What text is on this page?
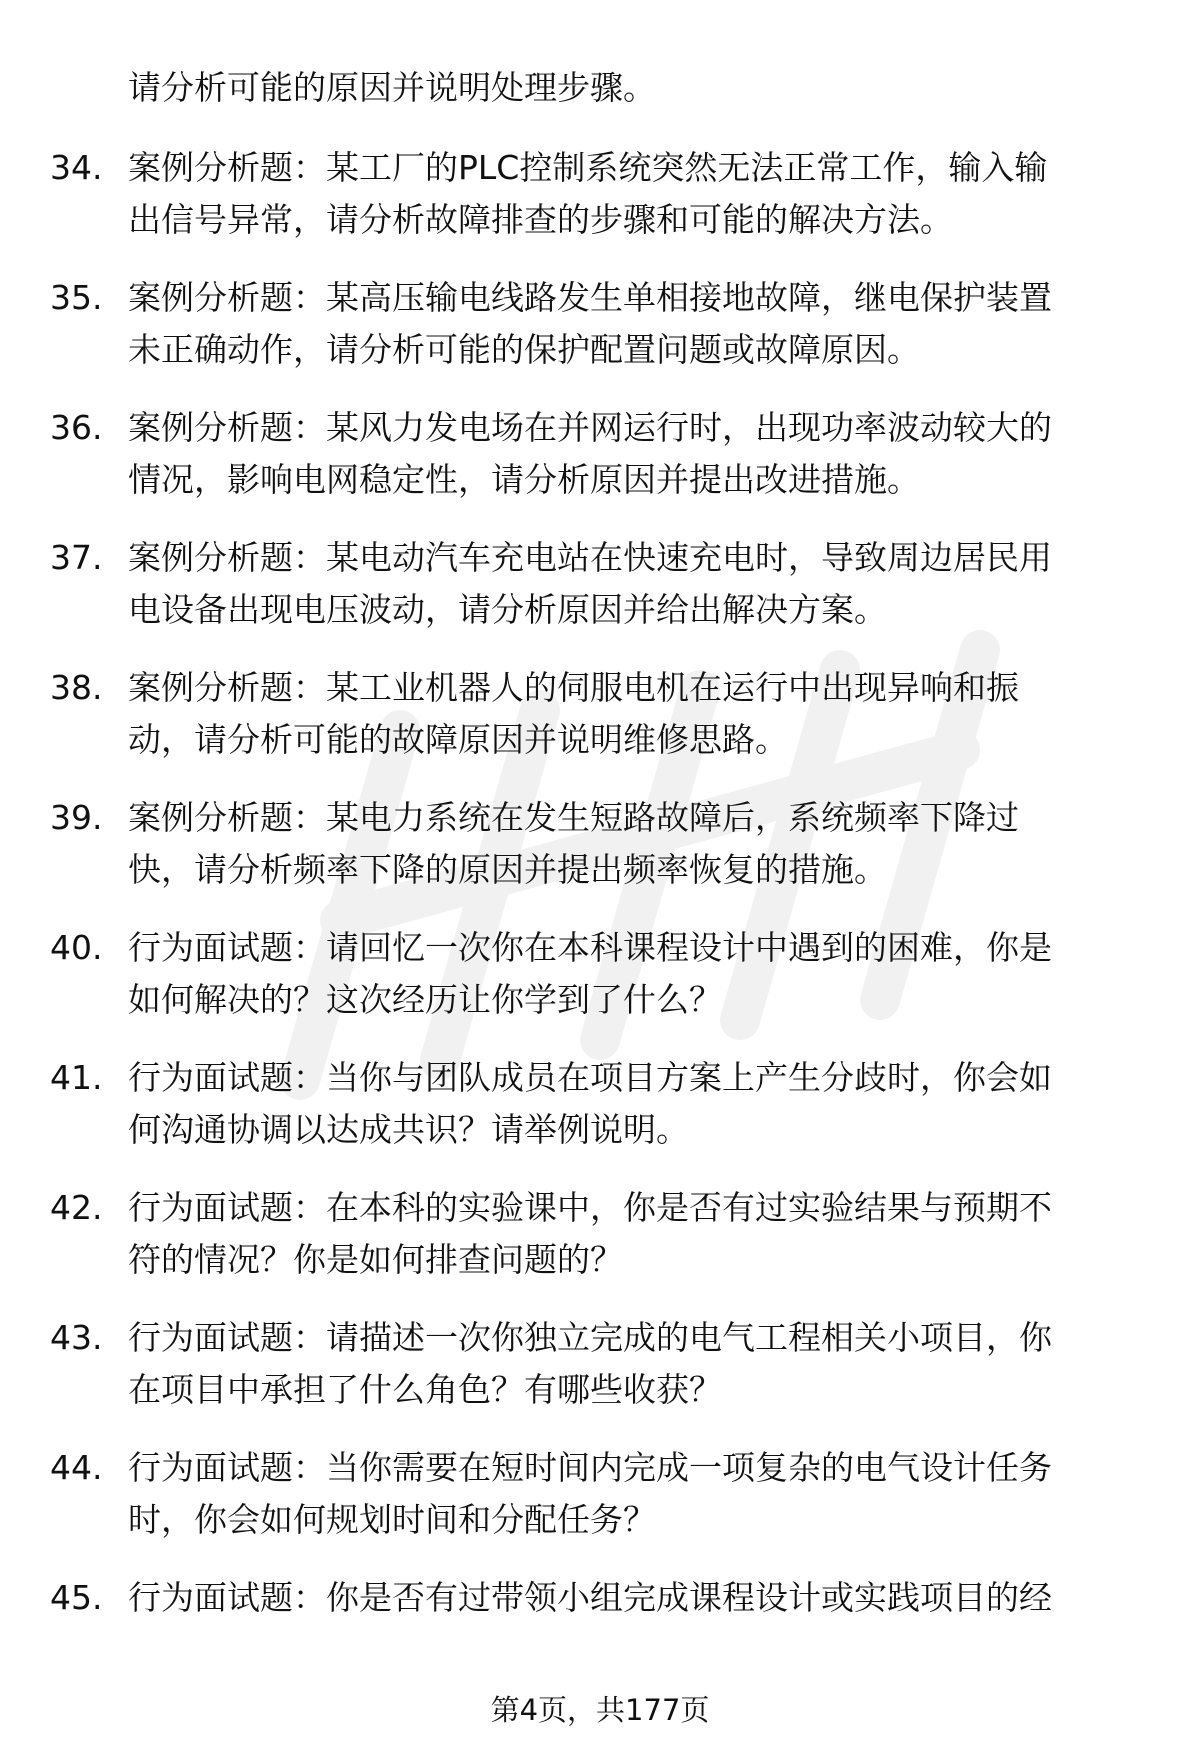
请分析可能的原因并说明处理步骤。
34. 案例分析题：某工厂的PLC控制系统突然无法正常工作，输入输
出信号异常，请分析故障排查的步骤和可能的解决方法。
35. 案例分析题：某高压输电线路发生单相接地故障，继电保护装置
未正确动作，请分析可能的保护配置问题或故障原因。
36. 案例分析题：某风力发电场在并网运行时，出现功率波动较大的
情况，影响电网稳定性，请分析原因并提出改进措施。
37. 案例分析题：某电动汽车充电站在快速充电时，导致周边居民用
电设备出现电压波动，请分析原因并给出解决方案。
38. 案例分析题：某工业机器人的伺服电机在运行中出现异响和振
动，请分析可能的故障原因并说明维修思路。
39. 案例分析题：某电力系统在发生短路故障后，系统频率下降过
快，请分析频率下降的原因并提出频率恢复的措施。
40. 行为面试题：请回忆一次你在本科课程设计中遇到的困难，你是
如何解决的？这次经历让你学到了什么？
41. 行为面试题：当你与团队成员在项目方案上产生分歧时，你会如
何沟通协调以达成共识？请举例说明。
42. 行为面试题：在本科的实验课中，你是否有过实验结果与预期不
符的情况？你是如何排查问题的？
43. 行为面试题：请描述一次你独立完成的电气工程相关小项目，你
在项目中承担了什么角色？有哪些收获？
44. 行为面试题：当你需要在短时间内完成一项复杂的电气设计任务
时，你会如何规划时间和分配任务？
45. 行为面试题：你是否有过带领小组完成课程设计或实践项目的经
第4页，共177页
